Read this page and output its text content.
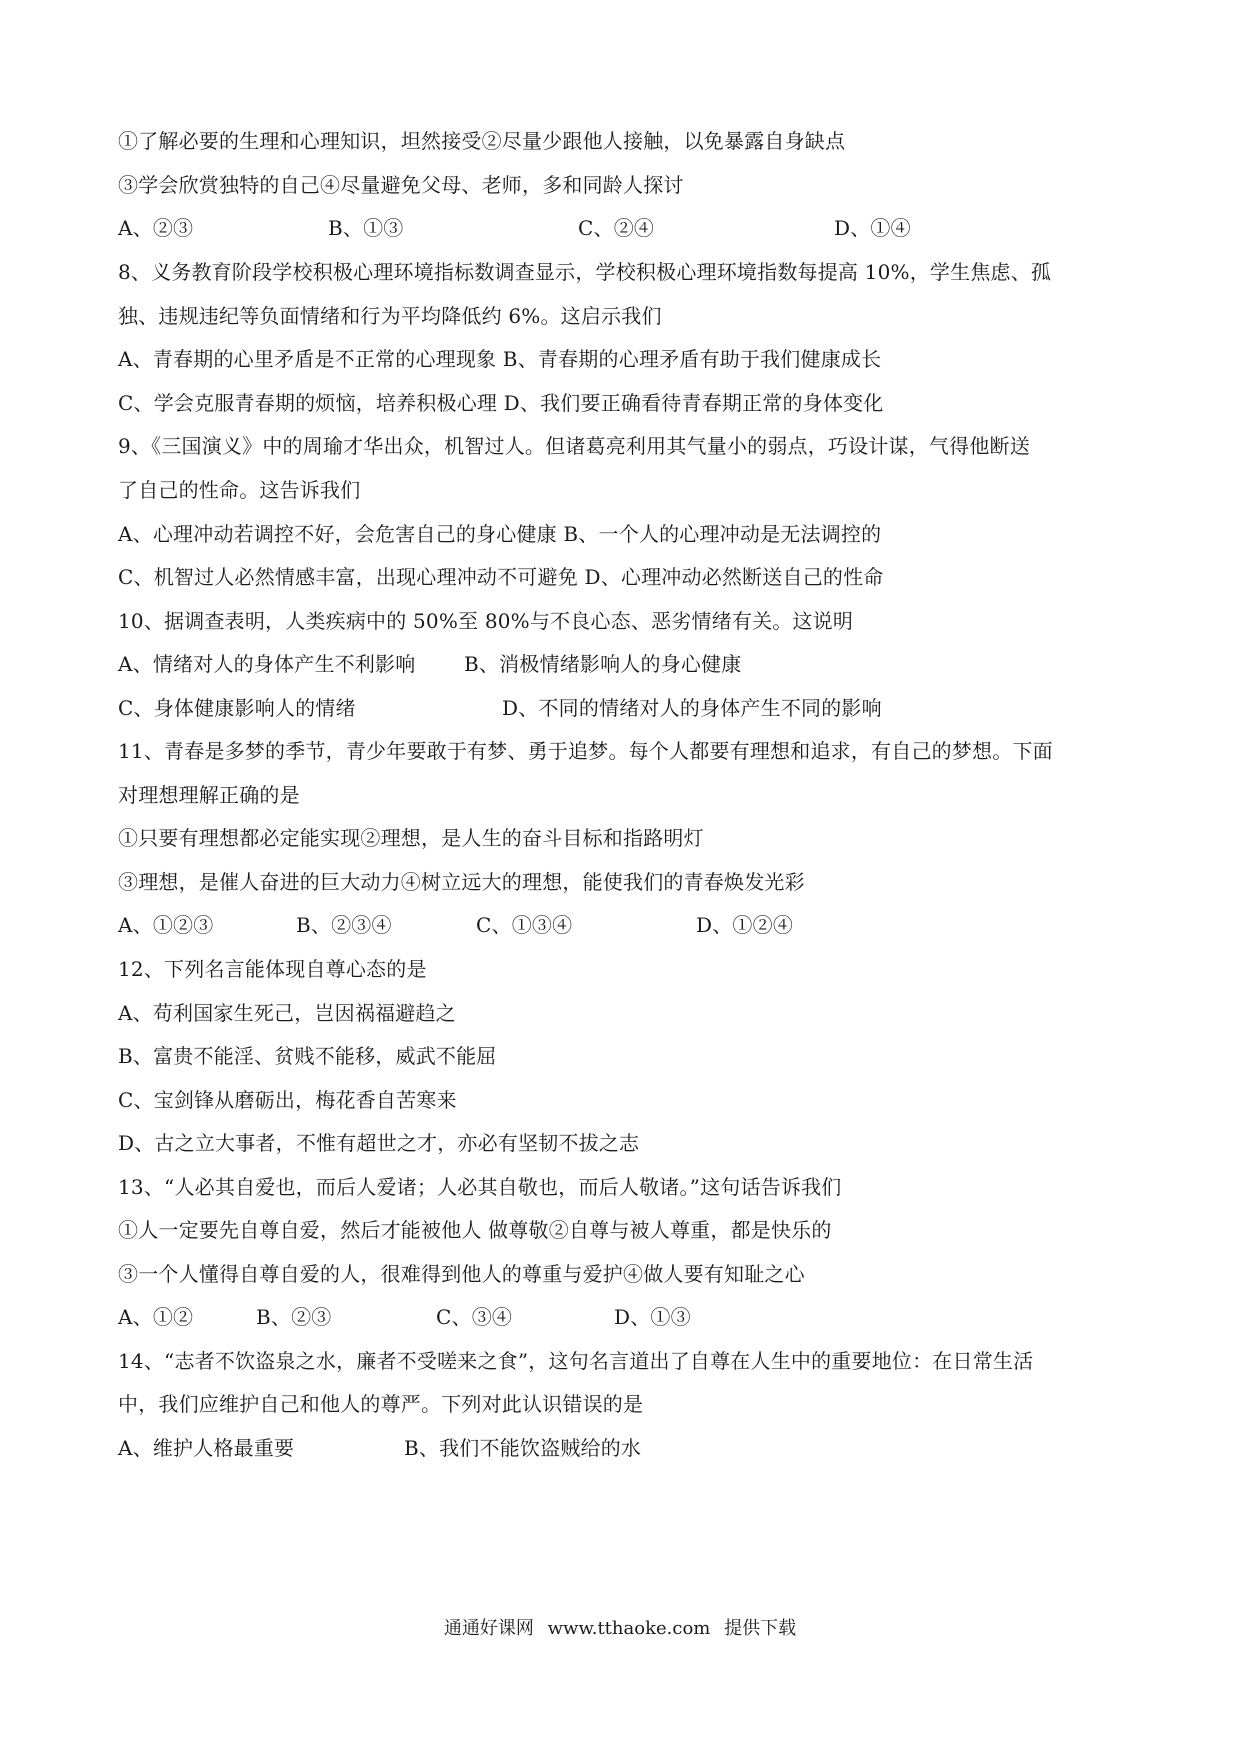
①了解必要的生理和心理知识，坦然接受②尽量少跟他人接触，以免暴露自身缺点
③学会欣赏独特的自己④尽量避免父母、老师，多和同龄人探讨
A、②③	B、①③	C、②④	D、①④
8、义务教育阶段学校积极心理环境指标数调查显示，学校积极心理环境指数每提高 10%，学生焦虑、孤
独、违规违纪等负面情绪和行为平均降低约 6%。这启示我们
A、青春期的心里矛盾是不正常的心理现象 B、青春期的心理矛盾有助于我们健康成长
C、学会克服青春期的烦恼，培养积极心理 D、我们要正确看待青春期正常的身体变化
9、《三国演义》中的周瑜才华出众，机智过人。但诸葛亮利用其气量小的弱点，巧设计谋，气得他断送
了自己的性命。这告诉我们
A、心理冲动若调控不好，会危害自己的身心健康 B、一个人的心理冲动是无法调控的
C、机智过人必然情感丰富，出现心理冲动不可避免 D、心理冲动必然断送自己的性命
10、据调查表明，人类疾病中的 50%至 80%与不良心态、恶劣情绪有关。这说明
A、情绪对人的身体产生不利影响 B、消极情绪影响人的身心健康
C、身体健康影响人的情绪	D、不同的情绪对人的身体产生不同的影响
11、青春是多梦的季节，青少年要敢于有梦、勇于追梦。每个人都要有理想和追求，有自己的梦想。下面
对理想理解正确的是
①只要有理想都必定能实现②理想，是人生的奋斗目标和指路明灯
③理想，是催人奋进的巨大动力④树立远大的理想，能使我们的青春焕发光彩
A、①②③	B、②③④	C、①③④	D、①②④
12、下列名言能体现自尊心态的是
A、苟利国家生死己，岂因祸福避趋之
B、富贵不能淫、贫贱不能移，威武不能屈
C、宝剑锋从磨砺出，梅花香自苦寒来
D、古之立大事者，不惟有超世之才，亦必有坚韧不拔之志
13、“人必其自爱也，而后人爱诸；人必其自敬也，而后人敬诸。”这句话告诉我们
①人一定要先自尊自爱，然后才能被他人 做尊敬②自尊与被人尊重，都是快乐的
③一个人懂得自尊自爱的人，很难得到他人的尊重与爱护④做人要有知耻之心
A、①②	B、②③	C、③④	D、①③
14、“志者不饮盗泉之水，廉者不受嗟来之食”，这句名言道出了自尊在人生中的重要地位：在日常生活
中，我们应维护自己和他人的尊严。下列对此认识错误的是
A、维护人格最重要	B、我们不能饮盗贼给的水
通通好课网 www.tthaoke.com 提供下载
